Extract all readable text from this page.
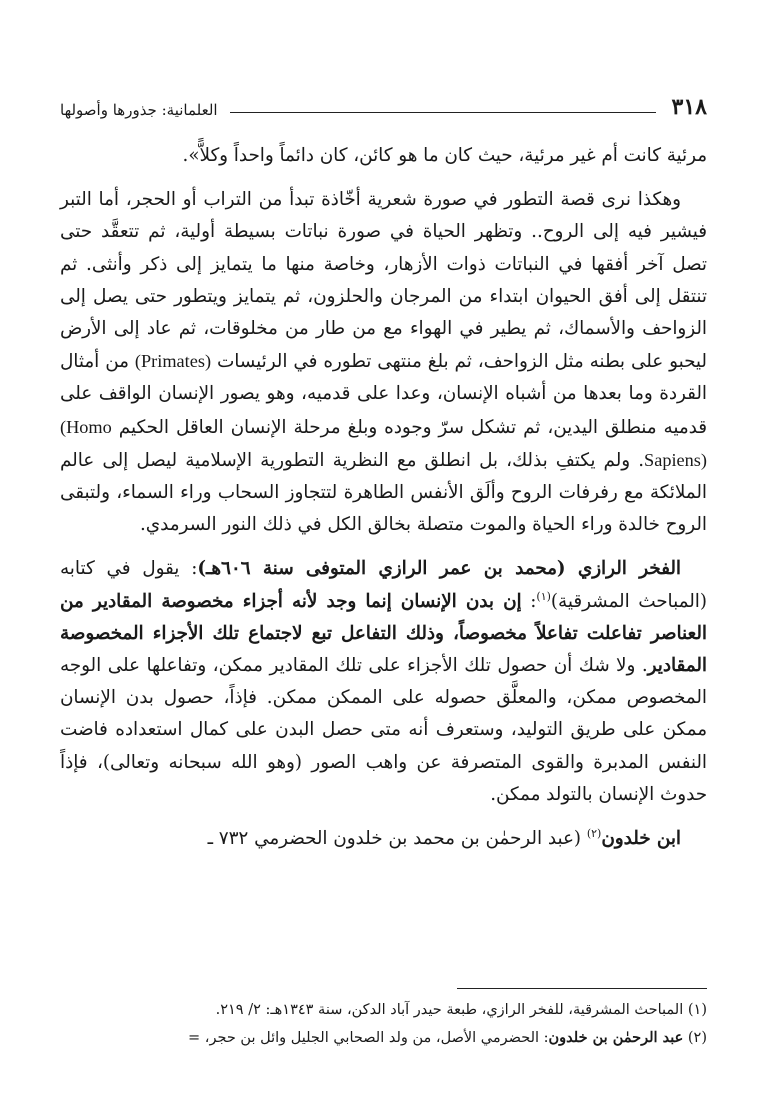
٣١٨
العلمانية: جذورها وأصولها

مرئية كانت أم غير مرئية، حيث كان ما هو كائن، كان دائماً واحداً وكلاًّ».

وهكذا نرى قصة التطور في صورة شعرية أخّاذة تبدأ من التراب أو الحجر، أما التبر فيشير فيه إلى الروح.. وتظهر الحياة في صورة نباتات بسيطة أولية، ثم تتعقَّد حتى تصل آخر أفقها في النباتات ذوات الأزهار، وخاصة منها ما يتمايز إلى ذكر وأنثى. ثم تنتقل إلى أفق الحيوان ابتداء من المرجان والحلزون، ثم يتمايز ويتطور حتى يصل إلى الزواحف والأسماك، ثم يطير في الهواء مع من طار من مخلوقات، ثم عاد إلى الأرض ليحبو على بطنه مثل الزواحف، ثم بلغ منتهى تطوره في الرئيسات (Primates) من أمثال القردة وما بعدها من أشباه الإنسان، وعدا على قدميه، وهو يصور الإنسان الواقف على قدميه منطلق اليدين، ثم تشكل سرّ وجوده وبلغ مرحلة الإنسان العاقل الحكيم (Homo Sapiens). ولم يكتفِ بذلك، بل انطلق مع النظرية التطورية الإسلامية ليصل إلى عالم الملائكة مع رفرفات الروح وألَق الأنفس الطاهرة لتتجاوز السحاب وراء السماء، ولتبقى الروح خالدة وراء الحياة والموت متصلة بخالق الكل في ذلك النور السرمدي.

الفخر الرازي (محمد بن عمر الرازي المتوفى سنة ٦٠٦هـ): يقول في كتابه (المباحث المشرقية)$^{(١)}$: إن بدن الإنسان إنما وجد لأنه أجزاء مخصوصة المقادير من العناصر تفاعلت تفاعلاً مخصوصاً، وذلك التفاعل تبع لاجتماع تلك الأجزاء المخصوصة المقادير. ولا شك أن حصول تلك الأجزاء على تلك المقادير ممكن، وتفاعلها على الوجه المخصوص ممكن، والمعلَّق حصوله على الممكن ممكن. فإذاً، حصول بدن الإنسان ممكن على طريق التوليد، وستعرف أنه متى حصل البدن على كمال استعداده فاضت النفس المدبرة والقوى المتصرفة عن واهب الصور (وهو الله سبحانه وتعالى)، فإذاً حدوث الإنسان بالتولد ممكن.

ابن خلدون$^{(٢)}$ (عبد الرحمٰن بن محمد بن خلدون الحضرمي ٧٣٢ ـ

(١) المباحث المشرقية، للفخر الرازي، طبعة حيدر آباد الدكن، سنة ١٣٤٣هـ: ٢/ ٢١٩.

(٢) عبد الرحمٰن بن خلدون: الحضرمي الأصل، من ولد الصحابي الجليل وائل بن حجر، =
